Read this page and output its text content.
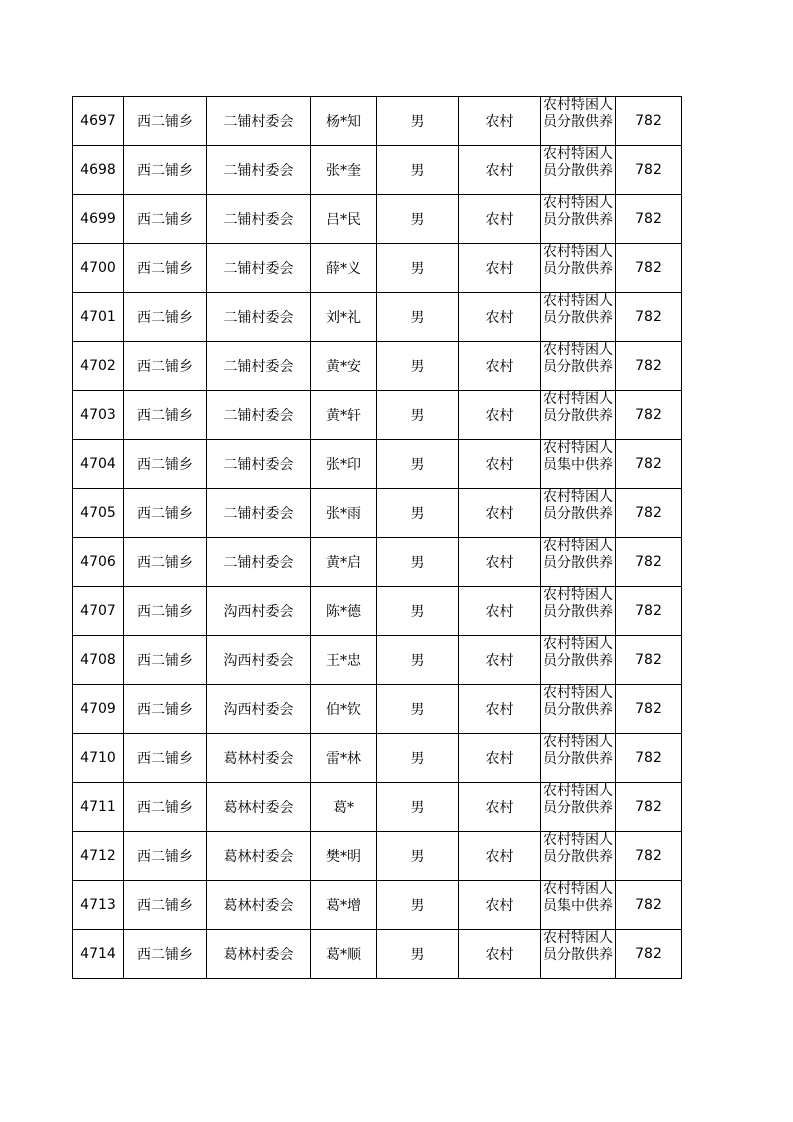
4697	西二铺乡	二铺村委会	杨*知	男	农村	农村特困人员分散供养	782
4698	西二铺乡	二铺村委会	张*奎	男	农村	农村特困人员分散供养	782
4699	西二铺乡	二铺村委会	吕*民	男	农村	农村特困人员分散供养	782
4700	西二铺乡	二铺村委会	薛*义	男	农村	农村特困人员分散供养	782
4701	西二铺乡	二铺村委会	刘*礼	男	农村	农村特困人员分散供养	782
4702	西二铺乡	二铺村委会	黄*安	男	农村	农村特困人员分散供养	782
4703	西二铺乡	二铺村委会	黄*轩	男	农村	农村特困人员分散供养	782
4704	西二铺乡	二铺村委会	张*印	男	农村	农村特困人员集中供养	782
4705	西二铺乡	二铺村委会	张*雨	男	农村	农村特困人员分散供养	782
4706	西二铺乡	二铺村委会	黄*启	男	农村	农村特困人员分散供养	782
4707	西二铺乡	沟西村委会	陈*德	男	农村	农村特困人员分散供养	782
4708	西二铺乡	沟西村委会	王*忠	男	农村	农村特困人员分散供养	782
4709	西二铺乡	沟西村委会	伯*钦	男	农村	农村特困人员分散供养	782
4710	西二铺乡	葛林村委会	雷*林	男	农村	农村特困人员分散供养	782
4711	西二铺乡	葛林村委会	葛*	男	农村	农村特困人员分散供养	782
4712	西二铺乡	葛林村委会	樊*明	男	农村	农村特困人员分散供养	782
4713	西二铺乡	葛林村委会	葛*增	男	农村	农村特困人员集中供养	782
4714	西二铺乡	葛林村委会	葛*顺	男	农村	农村特困人员分散供养	782
